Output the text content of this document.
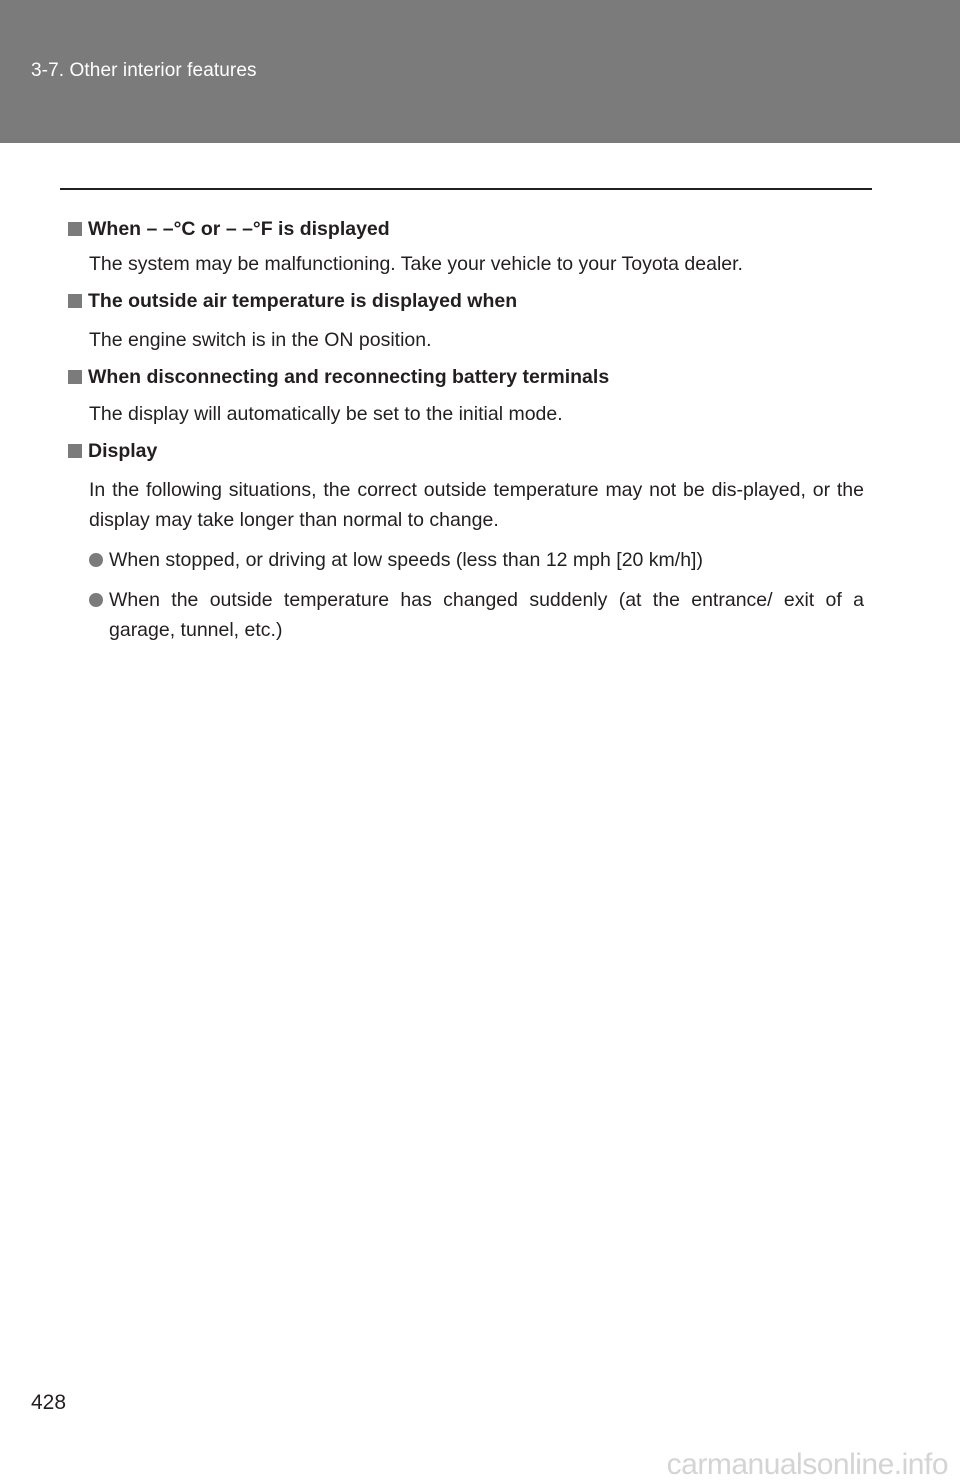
3-7. Other interior features
When – –°C or – –°F is displayed
The system may be malfunctioning. Take your vehicle to your Toyota dealer.
The outside air temperature is displayed when
The engine switch is in the ON position.
When disconnecting and reconnecting battery terminals
The display will automatically be set to the initial mode.
Display
In the following situations, the correct outside temperature may not be dis-played, or the display may take longer than normal to change.
When stopped, or driving at low speeds (less than 12 mph [20 km/h])
When the outside temperature has changed suddenly (at the entrance/ exit of a garage, tunnel, etc.)
428
carmanualsonline.info
